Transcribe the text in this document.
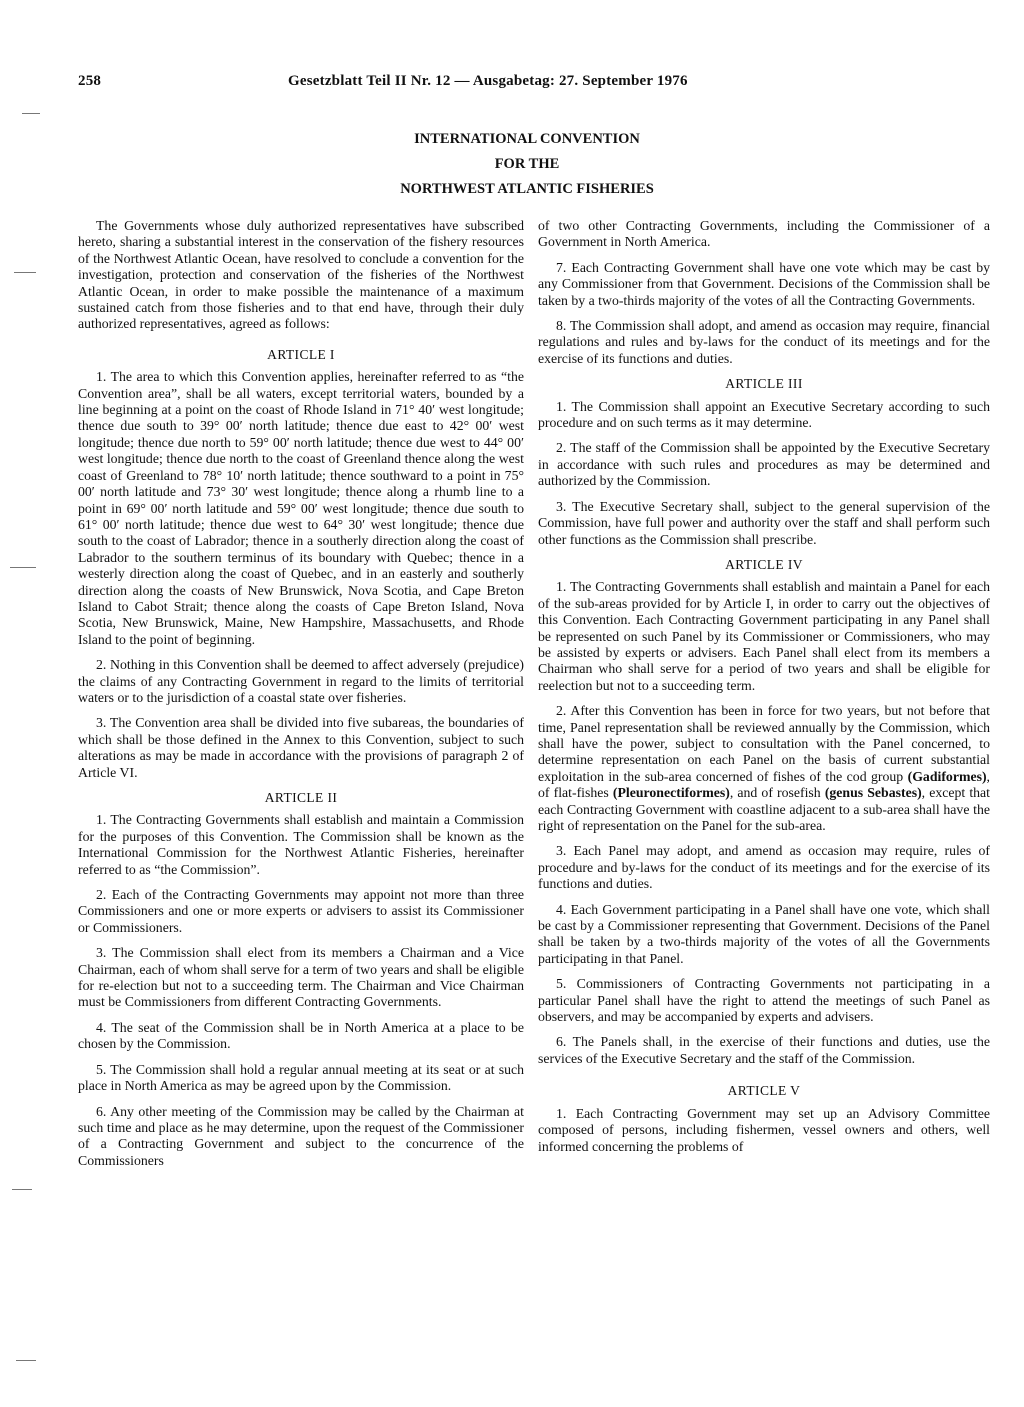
258	Gesetzblatt Teil II Nr. 12 — Ausgabetag: 27. September 1976
INTERNATIONAL CONVENTION
FOR THE
NORTHWEST ATLANTIC FISHERIES

The Governments whose duly authorized representatives have subscribed hereto, sharing a substantial interest in the conservation of the fishery resources of the Northwest Atlantic Ocean, have resolved to conclude a convention for the investigation, protection and conservation of the fisheries of the Northwest Atlantic Ocean, in order to make possible the maintenance of a maximum sustained catch from those fisheries and to that end have, through their duly authorized representatives, agreed as follows:

ARTICLE I

1. The area to which this Convention applies, hereinafter referred to as “the Convention area”, shall be all waters, except territorial waters, bounded by a line beginning at a point on the coast of Rhode Island in 71° 40′ west longitude; thence due south to 39° 00′ north latitude; thence due east to 42° 00′ west longitude; thence due north to 59° 00′ north latitude; thence due west to 44° 00′ west longitude; thence due north to the coast of Greenland thence along the west coast of Greenland to 78° 10′ north latitude; thence southward to a point in 75° 00′ north latitude and 73° 30′ west longitude; thence along a rhumb line to a point in 69° 00′ north latitude and 59° 00′ west longitude; thence due south to 61° 00′ north latitude; thence due west to 64° 30′ west longitude; thence due south to the coast of Labrador; thence in a southerly direction along the coast of Labrador to the southern terminus of its boundary with Quebec; thence in a westerly direction along the coast of Quebec, and in an easterly and southerly direction along the coasts of New Brunswick, Nova Scotia, and Cape Breton Island to Cabot Strait; thence along the coasts of Cape Breton Island, Nova Scotia, New Brunswick, Maine, New Hampshire, Massachusetts, and Rhode Island to the point of beginning.

2. Nothing in this Convention shall be deemed to affect adversely (prejudice) the claims of any Contracting Government in regard to the limits of territorial waters or to the jurisdiction of a coastal state over fisheries.

3. The Convention area shall be divided into five subareas, the boundaries of which shall be those defined in the Annex to this Convention, subject to such alterations as may be made in accordance with the provisions of paragraph 2 of Article VI.

ARTICLE II

1. The Contracting Governments shall establish and maintain a Commission for the purposes of this Convention. The Commission shall be known as the International Commission for the Northwest Atlantic Fisheries, hereinafter referred to as “the Commission”.

2. Each of the Contracting Governments may appoint not more than three Commissioners and one or more experts or advisers to assist its Commissioner or Commissioners.

3. The Commission shall elect from its members a Chairman and a Vice Chairman, each of whom shall serve for a term of two years and shall be eligible for re-election but not to a succeeding term. The Chairman and Vice Chairman must be Commissioners from different Contracting Governments.

4. The seat of the Commission shall be in North America at a place to be chosen by the Commission.

5. The Commission shall hold a regular annual meeting at its seat or at such place in North America as may be agreed upon by the Commission.

6. Any other meeting of the Commission may be called by the Chairman at such time and place as he may determine, upon the request of the Commissioner of a Contracting Government and subject to the concurrence of the Commissioners

of two other Contracting Governments, including the Commissioner of a Government in North America.

7. Each Contracting Government shall have one vote which may be cast by any Commissioner from that Government. Decisions of the Commission shall be taken by a two-thirds majority of the votes of all the Contracting Governments.

8. The Commission shall adopt, and amend as occasion may require, financial regulations and rules and by-laws for the conduct of its meetings and for the exercise of its functions and duties.

ARTICLE III

1. The Commission shall appoint an Executive Secretary according to such procedure and on such terms as it may determine.

2. The staff of the Commission shall be appointed by the Executive Secretary in accordance with such rules and procedures as may be determined and authorized by the Commission.

3. The Executive Secretary shall, subject to the general supervision of the Commission, have full power and authority over the staff and shall perform such other functions as the Commission shall prescribe.

ARTICLE IV

1. The Contracting Governments shall establish and maintain a Panel for each of the sub-areas provided for by Article I, in order to carry out the objectives of this Convention. Each Contracting Government participating in any Panel shall be represented on such Panel by its Commissioner or Commissioners, who may be assisted by experts or advisers. Each Panel shall elect from its members a Chairman who shall serve for a period of two years and shall be eligible for reelection but not to a succeeding term.

2. After this Convention has been in force for two years, but not before that time, Panel representation shall be reviewed annually by the Commission, which shall have the power, subject to consultation with the Panel concerned, to determine representation on each Panel on the basis of current substantial exploitation in the sub-area concerned of fishes of the cod group (Gadiformes), of flat-fishes (Pleuronectiformes), and of rosefish (genus Sebastes), except that each Contracting Government with coastline adjacent to a sub-area shall have the right of representation on the Panel for the sub-area.

3. Each Panel may adopt, and amend as occasion may require, rules of procedure and by-laws for the conduct of its meetings and for the exercise of its functions and duties.

4. Each Government participating in a Panel shall have one vote, which shall be cast by a Commissioner representing that Government. Decisions of the Panel shall be taken by a two-thirds majority of the votes of all the Governments participating in that Panel.

5. Commissioners of Contracting Governments not participating in a particular Panel shall have the right to attend the meetings of such Panel as observers, and may be accompanied by experts and advisers.

6. The Panels shall, in the exercise of their functions and duties, use the services of the Executive Secretary and the staff of the Commission.

ARTICLE V

1. Each Contracting Government may set up an Advisory Committee composed of persons, including fishermen, vessel owners and others, well informed concerning the problems of
